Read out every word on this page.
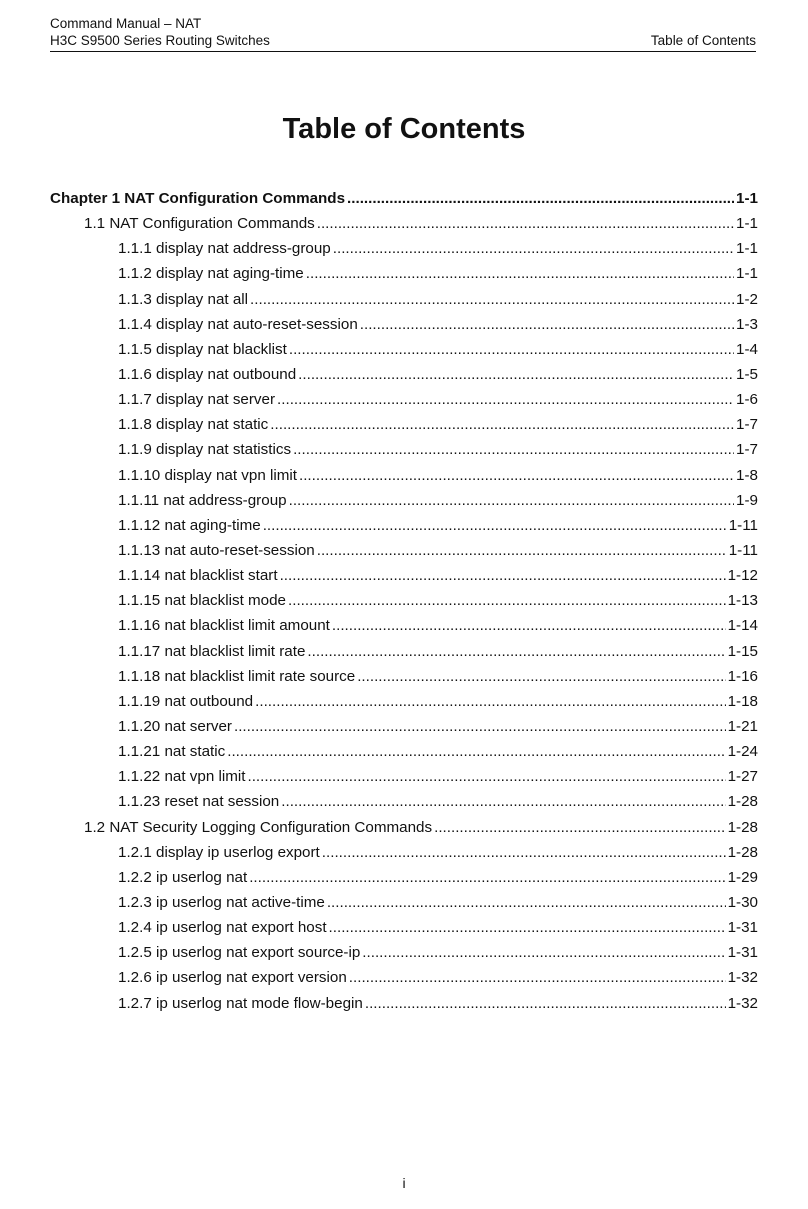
Command Manual – NAT
H3C S9500 Series Routing Switches	Table of Contents
Table of Contents
Chapter 1 NAT Configuration Commands .....	1-1
1.1 NAT Configuration Commands .....	1-1
1.1.1 display nat address-group .....	1-1
1.1.2 display nat aging-time .....	1-1
1.1.3 display nat all .....	1-2
1.1.4 display nat auto-reset-session .....	1-3
1.1.5 display nat blacklist .....	1-4
1.1.6 display nat outbound .....	1-5
1.1.7 display nat server .....	1-6
1.1.8 display nat static .....	1-7
1.1.9 display nat statistics .....	1-7
1.1.10 display nat vpn limit .....	1-8
1.1.11 nat address-group .....	1-9
1.1.12 nat aging-time .....	1-11
1.1.13 nat auto-reset-session .....	1-11
1.1.14 nat blacklist start .....	1-12
1.1.15 nat blacklist mode .....	1-13
1.1.16 nat blacklist limit amount .....	1-14
1.1.17 nat blacklist limit rate .....	1-15
1.1.18 nat blacklist limit rate source .....	1-16
1.1.19 nat outbound .....	1-18
1.1.20 nat server .....	1-21
1.1.21 nat static .....	1-24
1.1.22 nat vpn limit .....	1-27
1.1.23 reset nat session .....	1-28
1.2 NAT Security Logging Configuration Commands .....	1-28
1.2.1 display ip userlog export .....	1-28
1.2.2 ip userlog nat .....	1-29
1.2.3 ip userlog nat active-time .....	1-30
1.2.4 ip userlog nat export host .....	1-31
1.2.5 ip userlog nat export source-ip .....	1-31
1.2.6 ip userlog nat export version .....	1-32
1.2.7 ip userlog nat mode flow-begin .....	1-32
i
